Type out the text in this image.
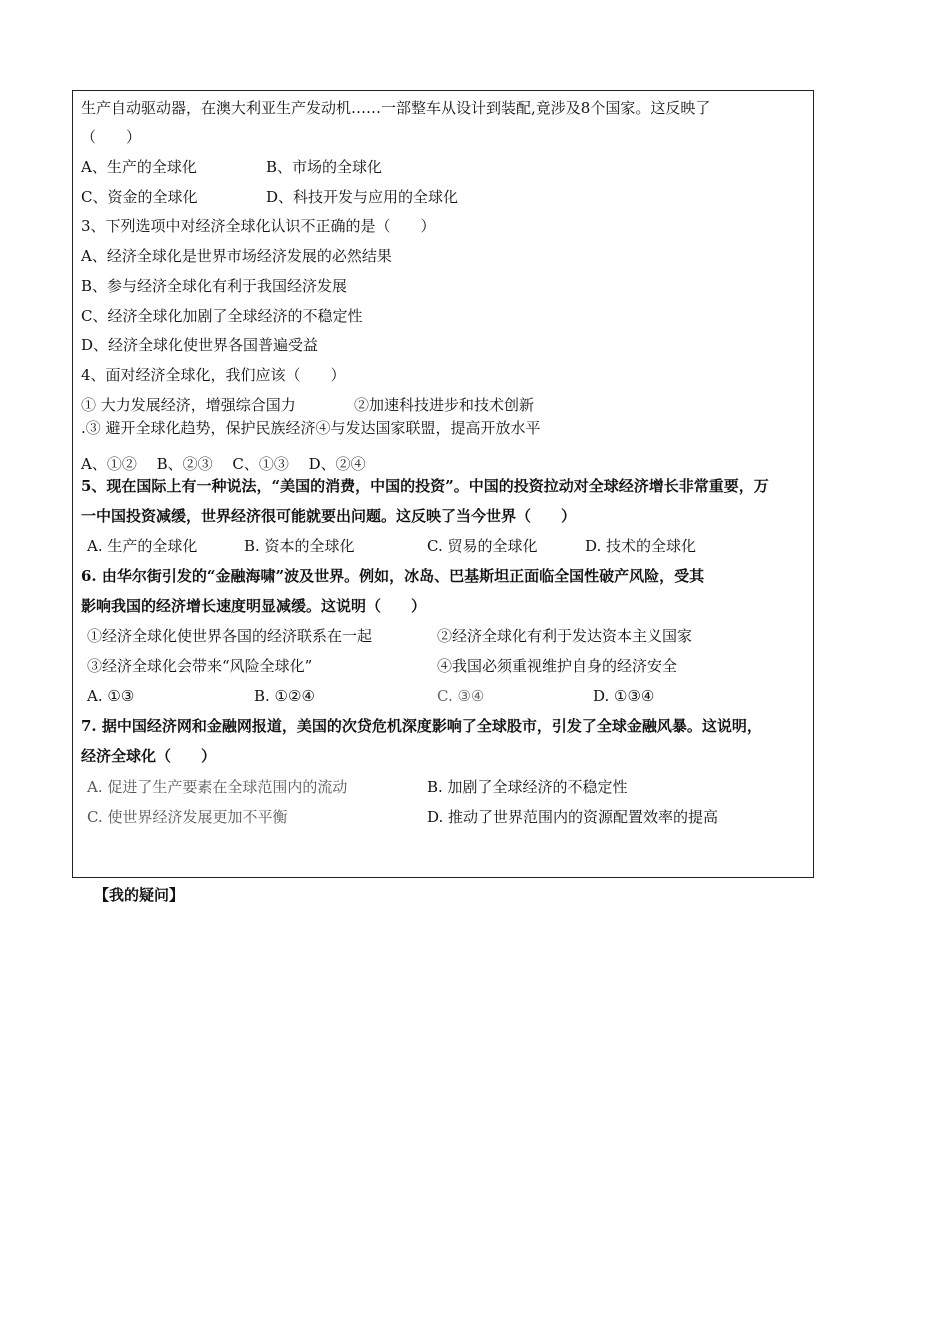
生产自动驱动器，在澳大利亚生产发动机……一部整车从设计到装配,竟涉及8个国家。这反映了
（　　）
A、生产的全球化	B、市场的全球化
C、资金的全球化	D、科技开发与应用的全球化
3、下列选项中对经济全球化认识不正确的是（　　）
A、经济全球化是世界市场经济发展的必然结果
B、参与经济全球化有利于我国经济发展
C、经济全球化加剧了全球经济的不稳定性
D、经济全球化使世界各国普遍受益
4、面对经济全球化，我们应该（　　）
① 大力发展经济，增强综合国力	②加速科技进步和技术创新
.③ 避开全球化趋势，保护民族经济④与发达国家联盟，提高开放水平
A、①②　 B、②③　 C、①③　 D、②④
5、现在国际上有一种说法，“美国的消费，中国的投资”。中国的投资拉动对全球经济增长非常重要，万
一中国投资减缓，世界经济很可能就要出问题。这反映了当今世界（　　）
A. 生产的全球化	B. 资本的全球化	C. 贸易的全球化	D. 技术的全球化
6. 由华尔街引发的“金融海啸”波及世界。例如，冰岛、巴基斯坦正面临全国性破产风险，受其
影响我国的经济增长速度明显减缓。这说明（　　）
①经济全球化使世界各国的经济联系在一起	②经济全球化有利于发达资本主义国家
③经济全球化会带来“风险全球化”	④我国必须重视维护自身的经济安全
A. ①③	B. ①②④	C. ③④	D. ①③④
7. 据中国经济网和金融网报道，美国的次贷危机深度影响了全球股市，引发了全球金融风暴。这说明，
经济全球化（　　）
A. 促进了生产要素在全球范围内的流动	B. 加剧了全球经济的不稳定性
C. 使世界经济发展更加不平衡	D. 推动了世界范围内的资源配置效率的提高
【我的疑问】
